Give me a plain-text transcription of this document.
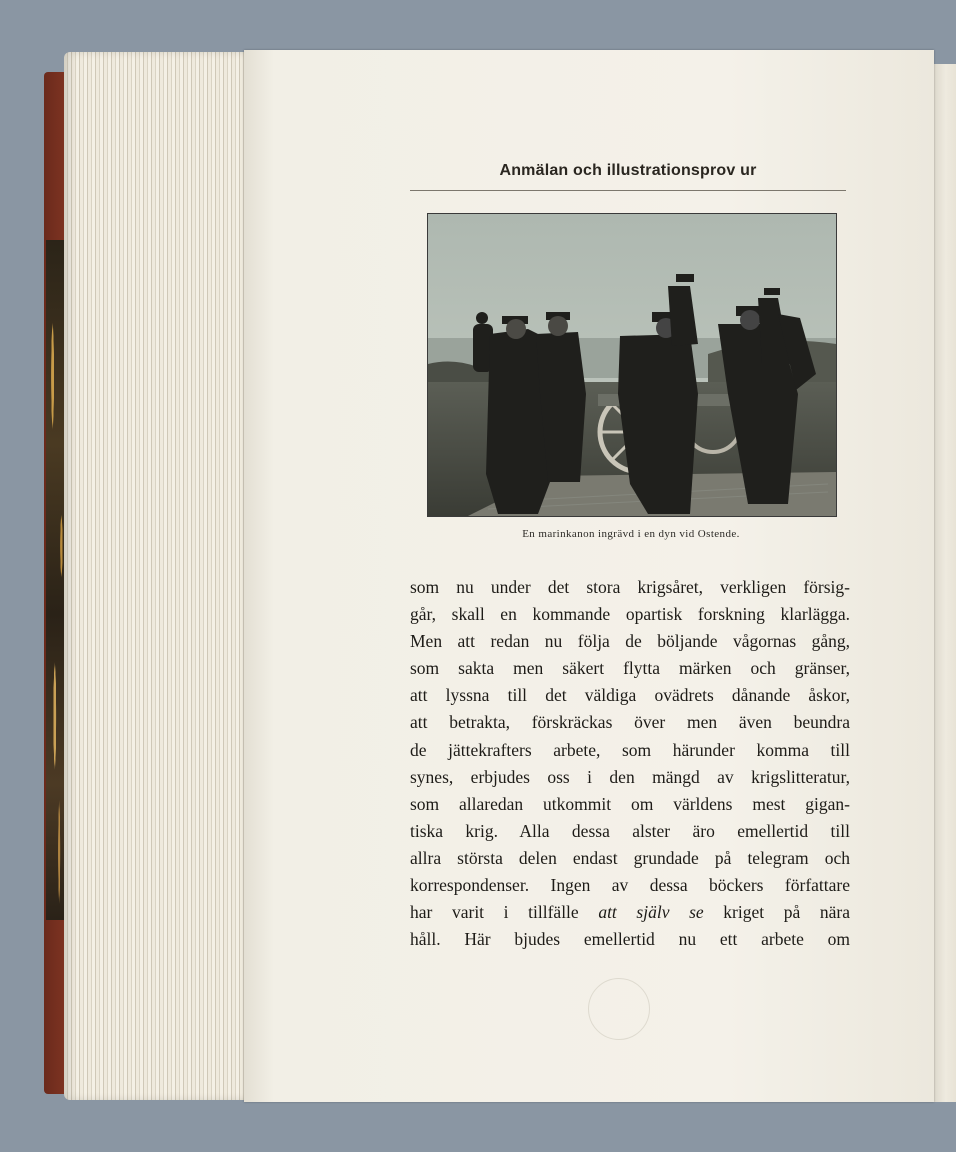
Anmälan och illustrationsprov ur
En marinkanon ingrävd i en dyn vid Ostende.
som nu under det stora krigsåret, verkligen försig-
går, skall en kommande opartisk forskning klarlägga.
Men att redan nu följa de böljande vågornas gång,
som sakta men säkert flytta märken och gränser,
att lyssna till det väldiga ovädrets dånande åskor,
att betrakta, förskräckas över men även beundra
de jättekrafters arbete, som härunder komma till
synes, erbjudes oss i den mängd av krigslitteratur,
som allaredan utkommit om världens mest gigan-
tiska krig. Alla dessa alster äro emellertid till
allra största delen endast grundade på telegram och
korrespondenser. Ingen av dessa böckers författare
har varit i tillfälle att själv se kriget på nära
håll. Här bjudes emellertid nu ett arbete om
